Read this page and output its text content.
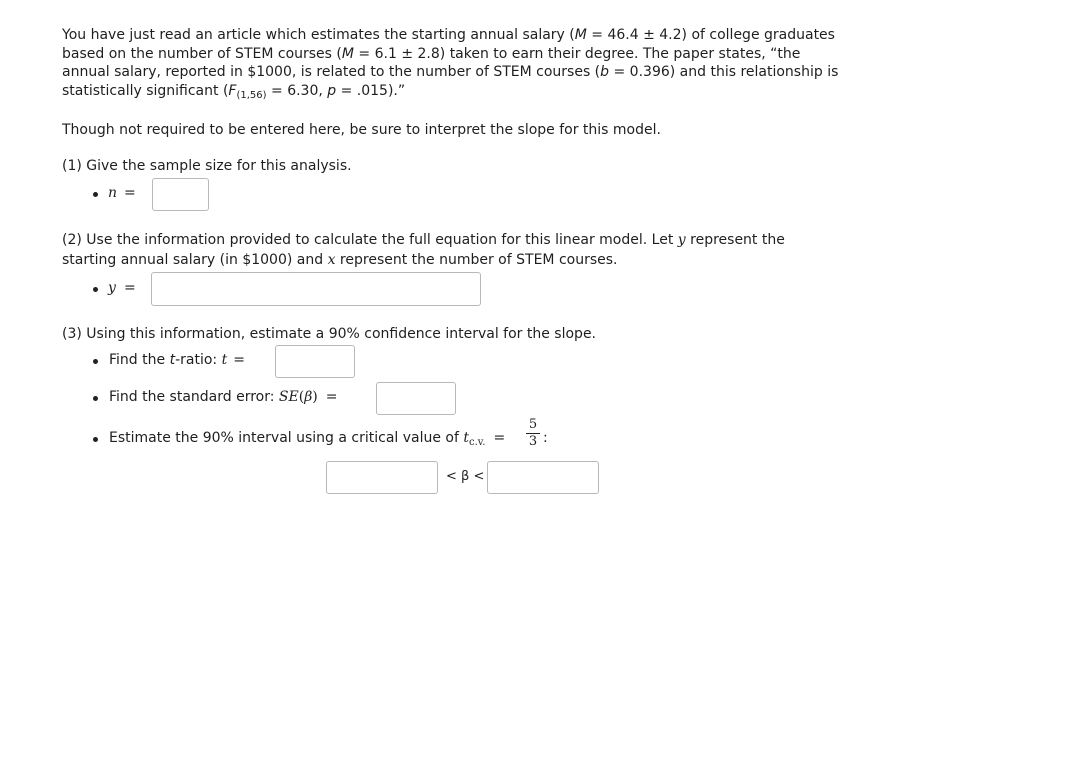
You have just read an article which estimates the starting annual salary (M = 46.4 ± 4.2) of college graduates
based on the number of STEM courses (M = 6.1 ± 2.8) taken to earn their degree. The paper states, “the
annual salary, reported in $1000, is related to the number of STEM courses (b = 0.396) and this relationship is
statistically significant ($F_{(1,56)} = 6.30$, p = .015).”
Though not required to be entered here, be sure to interpret the slope for this model.
(1) Give the sample size for this analysis.
n =
(2) Use the information provided to calculate the full equation for this linear model. Let y represent the
starting annual salary (in $1000) and x represent the number of STEM courses.
y =
(3) Using this information, estimate a 90% confidence interval for the slope.
Find the t-ratio: t =
Find the standard error: SE(β) =
Estimate the 90% interval using a critical value of $t_{c.v.}$ =
5
3 :
< β <
